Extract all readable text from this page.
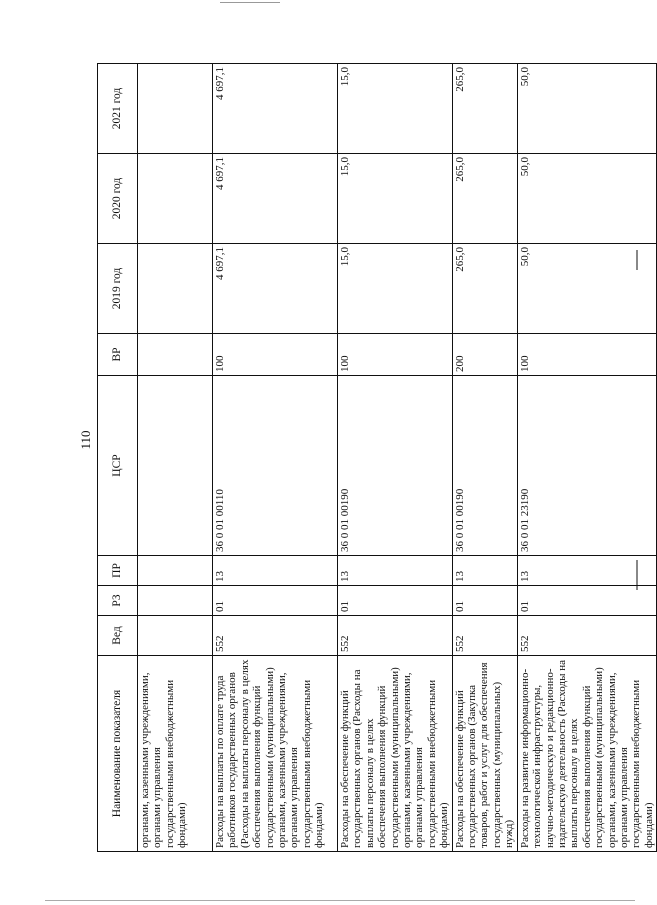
110
Наименование показателя	Вед	РЗ	ПР	ЦСР	ВР	2019 год	2020 год	2021 год
органами, казенными учреждениями, органами управления государственными внебюджетными фондами)								
Расходы на выплаты по оплате труда работников государственных органов (Расходы на выплаты персоналу в целях обеспечения выполнения функций государственными (муниципальными) органами, казенными учреждениями, органами управления государственными внебюджетными фондами)	552	01	13	36 0 01 00110	100	4 697,1	4 697,1	4 697,1
Расходы на обеспечение функций государственных органов (Расходы на выплаты персоналу в целях обеспечения выполнения функций государственными (муниципальными) органами, казенными учреждениями, органами управления государственными внебюджетными фондами)	552	01	13	36 0 01 00190	100	15,0	15,0	15,0
Расходы на обеспечение функций государственных органов (Закупка товаров, работ и услуг для обеспечения государственных (муниципальных) нужд)	552	01	13	36 0 01 00190	200	265,0	265,0	265,0
Расходы на развитие информационно-технологической инфраструктуры, научно-методическую и редакционно-издательскую деятельность (Расходы на выплаты персоналу в целях обеспечения выполнения функций государственными (муниципальными) органами, казенными учреждениями, органами управления государственными внебюджетными фондами)	552	01	13	36 0 01 23190	100	50,0	50,0	50,0
